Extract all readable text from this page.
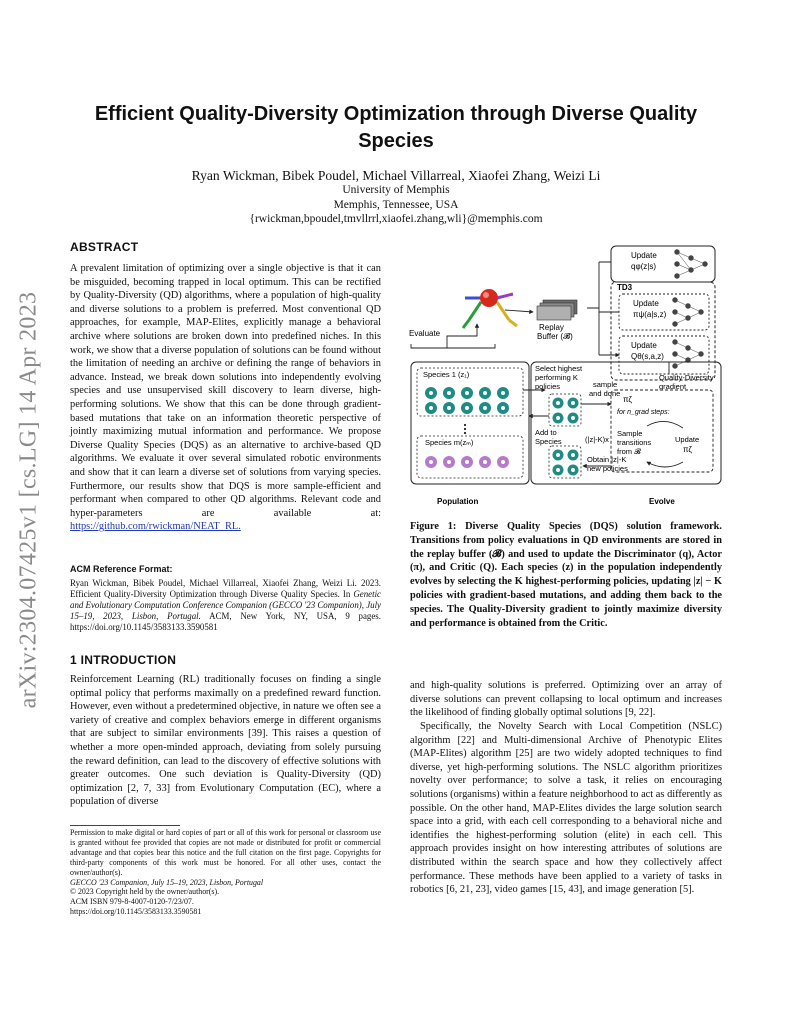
arXiv:2304.07425v1 [cs.LG] 14 Apr 2023
Efficient Quality-Diversity Optimization through Diverse Quality Species
Ryan Wickman, Bibek Poudel, Michael Villarreal, Xiaofei Zhang, Weizi Li
University of Memphis
Memphis, Tennessee, USA
{rwickman,bpoudel,tmvllrrl,xiaofei.zhang,wli}@memphis.com
ABSTRACT

A prevalent limitation of optimizing over a single objective is that it can be misguided, becoming trapped in local optimum. This can be rectified by Quality-Diversity (QD) algorithms, where a population of high-quality and diverse solutions to a problem is preferred. Most conventional QD approaches, for example, MAP-Elites, explicitly manage a behavioral archive where solutions are broken down into predefined niches. In this work, we show that a diverse population of solutions can be found without the limitation of needing an archive or defining the range of behaviors in advance. Instead, we break down solutions into independently evolving species and use unsupervised skill discovery to learn diverse, high-performing solutions. We show that this can be done through gradient-based mutations that take on an information theoretic perspective of jointly maximizing mutual information and performance. We propose Diverse Quality Species (DQS) as an alternative to archive-based QD algorithms. We evaluate it over several simulated robotic environments and show that it can learn a diverse set of solutions from varying species. Furthermore, our results show that DQS is more sample-efficient and performant when compared to other QD algorithms. Relevant code and hyper-parameters are available at: https://github.com/rwickman/NEAT_RL.

ACM Reference Format:
Ryan Wickman, Bibek Poudel, Michael Villarreal, Xiaofei Zhang, Weizi Li. 2023. Efficient Quality-Diversity Optimization through Diverse Quality Species. In Genetic and Evolutionary Computation Conference Companion (GECCO '23 Companion), July 15–19, 2023, Lisbon, Portugal. ACM, New York, NY, USA, 9 pages. https://doi.org/10.1145/3583133.3590581
1 INTRODUCTION

Reinforcement Learning (RL) traditionally focuses on finding a single optimal policy that performs maximally on a predefined reward function. However, even without a predetermined objective, in nature we often see a variety of creative and complex behaviors emerge in different organisms that are subject to similar environments [39]. This raises a question of whether a more open-minded approach, deviating from solely pursuing the reward definition, can lead to the discovery of effective solutions with greater outcomes. One such deviation is Quality-Diversity (QD) optimization [2, 7, 33] from Evolutionary Computation (EC), where a population of diverse

Permission to make digital or hard copies of part or all of this work for personal or classroom use is granted without fee provided that copies are not made or distributed for profit or commercial advantage and that copies bear this notice and the full citation on the first page. Copyrights for third-party components of this work must be honored. For all other uses, contact the owner/author(s).
GECCO '23 Companion, July 15–19, 2023, Lisbon, Portugal
© 2023 Copyright held by the owner/author(s).
ACM ISBN 979-8-4007-0120-7/23/07.
https://doi.org/10.1145/3583133.3590581
Update
qφ(z|s)
TD3
Update
πψ(a|s,z)
Update
Qθ(s,a,z)
Replay
Buffer (𝓑)
Evaluate
Species 1 (z₁)
Species m(zₘ)
Population
Select highest
performing K
policies	sample
and done
Quality-Diversity
gradient
Add to
Species
πζ
for n_grad steps:
(|z|-K)x
Sample
transitions
from 𝓑
Update
πζ
Obtain |z|-K
new policies
Evolve

Figure 1: Diverse Quality Species (DQS) solution framework. Transitions from policy evaluations in QD environments are stored in the replay buffer (𝓑) and used to update the Discriminator (q), Actor (π), and Critic (Q). Each species (z) in the population independently evolves by selecting the K highest-performing policies, updating |z| − K policies with gradient-based mutations, and adding them back to the species. The Quality-Diversity gradient to jointly maximize diversity and performance is obtained from the Critic.

and high-quality solutions is preferred. Optimizing over an array of diverse solutions can prevent collapsing to local optimum and increases the likelihood of finding globally optimal solutions [9, 22].

Specifically, the Novelty Search with Local Competition (NSLC) algorithm [22] and Multi-dimensional Archive of Phenotypic Elites (MAP-Elites) algorithm [25] are two widely adopted techniques to find diverse, yet high-performing solutions. The NSLC algorithm prioritizes novelty over performance; to solve a task, it relies on encouraging solutions (organisms) within a feature neighborhood to act as differently as possible. On the other hand, MAP-Elites divides the large solution search space into a grid, with each cell corresponding to a behavioral niche and identifies the highest-performing solution (elite) in each cell. This approach provides insight on how interesting attributes of solutions are distributed within the search space and how they collectively affect performance. These methods have been applied to a variety of tasks in robotics [6, 21, 23], video games [15, 43], and image generation [5].
